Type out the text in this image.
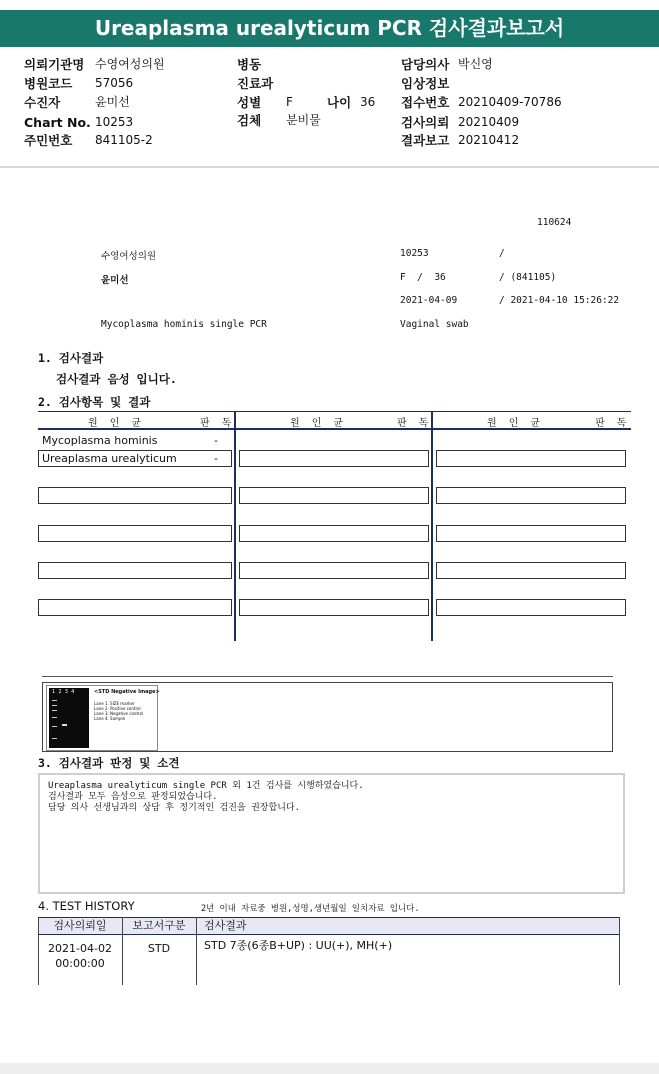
Ureaplasma urealyticum PCR 검사결과보고서
의뢰기관명 수영여성의원
병원코드 57056
수진자	윤미선
Chart No. 10253
주민번호 841105-2
병동
진료과
성별 F	나이 36
검체 분비물
담당의사 박신영
임상정보
접수번호 20210409-70786
검사의뢰 20210409
결과보고 20210412
110624
수영여성의원	10253	/
윤미선	F  /  36	/ (841105)
2021-04-09	/ 2021-04-10 15:26:22
Mycoplasma hominis single PCR	Vaginal swab
1. 검사결과
검사결과 음성 입니다.
2. 검사항목 및 결과
원  인  균	판  독	원  인  균	판  독	원  인  균	판  독
Mycoplasma hominis	-
Ureaplasma urealyticum	-
1  2  3  4	<STD Negative Image>
Lane 1. SIZE marker
Lane 2. Positive control
Lane 3. Negative control
Lane 4. Sample
3. 검사결과 판정 및 소견
Ureaplasma urealyticum single PCR 외 1건 검사를 시행하였습니다.
검사결과 모두 음성으로 판정되었습니다.
담당 의사 선생님과의 상담 후 정기적인 검진을 권장합니다.
4. TEST HISTORY	2년 이내 자료중 병원,성명,생년월일 일치자료 입니다.
검사의뢰일	보고서구분	검사결과
2021-04-02
00:00:00
STD	STD 7종(6종B+UP) : UU(+), MH(+)
